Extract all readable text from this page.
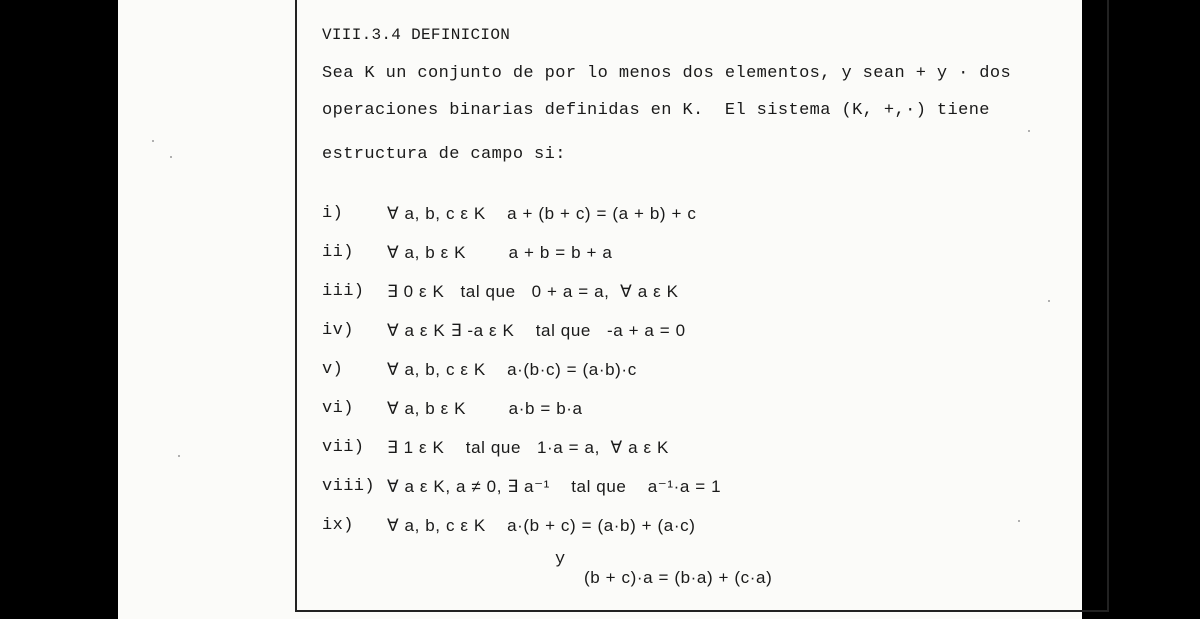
VIII.3.4 DEFINICION
Sea K un conjunto de por lo menos dos elementos, y sean + y · dos
operaciones binarias definidas en K.  El sistema (K, +,·) tiene
estructura de campo si:
i)	∀ a, b, c ε K    a + (b + c) = (a + b) + c
ii) ∀ a, b ε K        a + b = b + a
iii) ∃ 0 ε K   tal que   0 + a = a,  ∀ a ε K
iv) ∀ a ε K ∃ -a ε K    tal que   -a + a = 0
v)	∀ a, b, c ε K    a·(b·c) = (a·b)·c
vi) ∀ a, b ε K        a·b = b·a
vii) ∃ 1 ε K    tal que   1·a = a,  ∀ a ε K
viii) ∀ a ε K, a ≠ 0, ∃ a⁻¹    tal que    a⁻¹·a = 1
ix) ∀ a, b, c ε K    a·(b + c) = (a·b) + (a·c)
y
(b + c)·a = (b·a) + (c·a)
